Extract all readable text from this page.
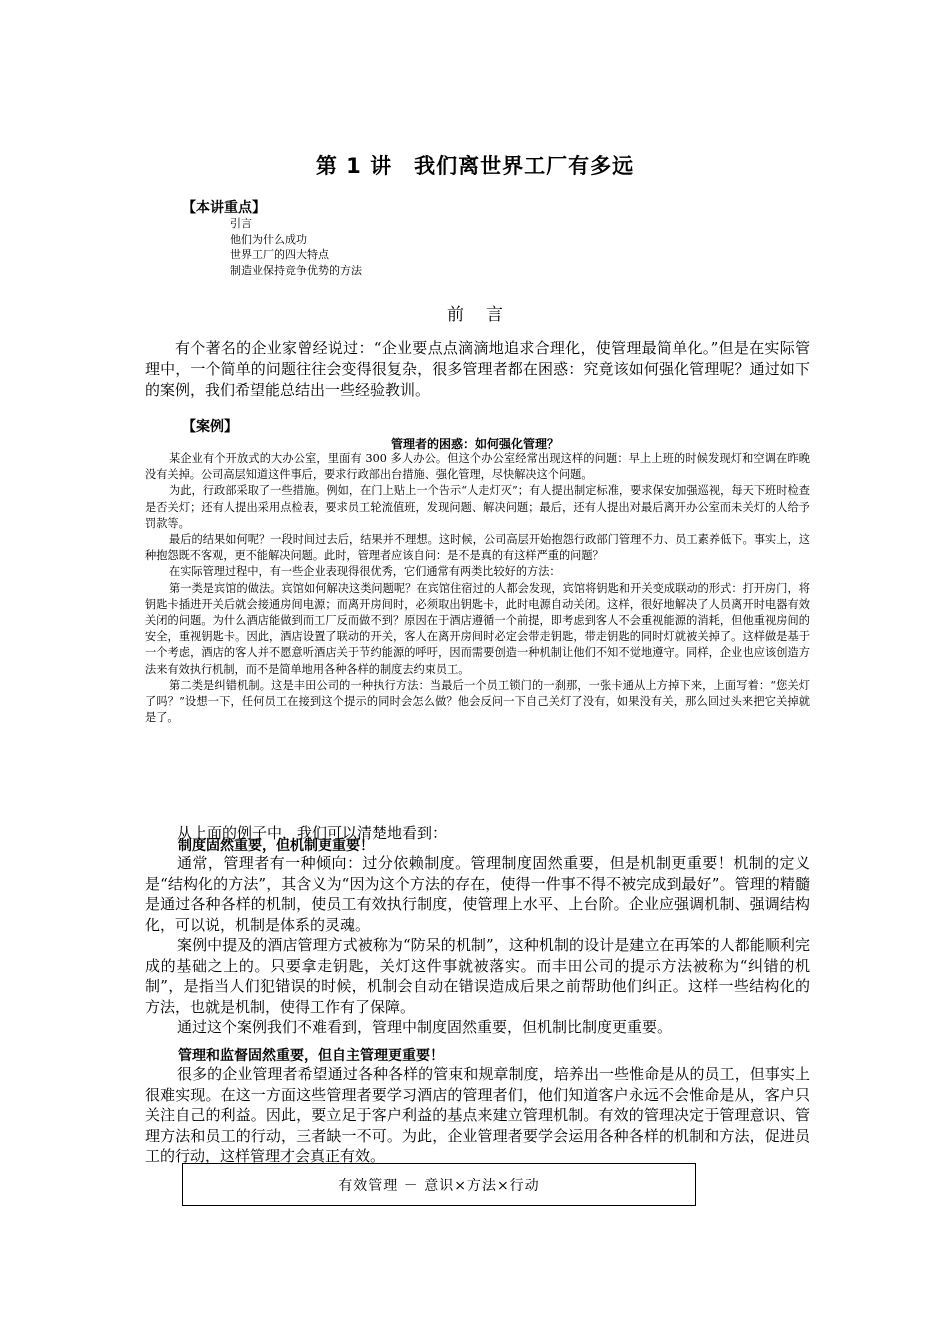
第 1 讲　我们离世界工厂有多远
【本讲重点】
引言
他们为什么成功
世界工厂的四大特点
制造业保持竞争优势的方法
前言

有个著名的企业家曾经说过：“企业要点点滴滴地追求合理化，使管理最简单化。”但是在实际管理中，一个简单的问题往往会变得很复杂，很多管理者都在困惑：究竟该如何强化管理呢？通过如下的案例，我们希望能总结出一些经验教训。

【案例】
管理者的困惑：如何强化管理？

某企业有个开放式的大办公室，里面有 300 多人办公。但这个办公室经常出现这样的问题：早上上班的时候发现灯和空调在昨晚没有关掉。公司高层知道这件事后，要求行政部出台措施、强化管理，尽快解决这个问题。

为此，行政部采取了一些措施。例如，在门上贴上一个告示“人走灯灭”；有人提出制定标准，要求保安加强巡视，每天下班时检查是否关灯；还有人提出采用点检表，要求员工轮流值班，发现问题、解决问题；最后，还有人提出对最后离开办公室而未关灯的人给予罚款等。

最后的结果如何呢？一段时间过去后，结果并不理想。这时候，公司高层开始抱怨行政部门管理不力、员工素养低下。事实上，这种抱怨既不客观，更不能解决问题。此时，管理者应该自问：是不是真的有这样严重的问题？

在实际管理过程中，有一些企业表现得很优秀，它们通常有两类比较好的方法：

第一类是宾馆的做法。宾馆如何解决这类问题呢？在宾馆住宿过的人都会发现，宾馆将钥匙和开关变成联动的形式：打开房门，将钥匙卡插进开关后就会接通房间电源；而离开房间时，必须取出钥匙卡，此时电源自动关闭。这样，很好地解决了人员离开时电器有效关闭的问题。为什么酒店能做到而工厂反而做不到？原因在于酒店遵循一个前提，即考虑到客人不会重视能源的消耗，但他重视房间的安全，重视钥匙卡。因此，酒店设置了联动的开关，客人在离开房间时必定会带走钥匙，带走钥匙的同时灯就被关掉了。这样做是基于一个考虑，酒店的客人并不愿意听酒店关于节约能源的呼吁，因而需要创造一种机制让他们不知不觉地遵守。同样，企业也应该创造方法来有效执行机制，而不是简单地用各种各样的制度去约束员工。

第二类是纠错机制。这是丰田公司的一种执行方法：当最后一个员工锁门的一刹那，一张卡通从上方掉下来，上面写着：“您关灯了吗？”设想一下，任何员工在接到这个提示的同时会怎么做？他会反问一下自己关灯了没有，如果没有关，那么回过头来把它关掉就是了。

从上面的例子中，我们可以清楚地看到：

制度固然重要，但机制更重要！

通常，管理者有一种倾向：过分依赖制度。管理制度固然重要，但是机制更重要！机制的定义是“结构化的方法”，其含义为“因为这个方法的存在，使得一件事不得不被完成到最好”。管理的精髓是通过各种各样的机制，使员工有效执行制度，使管理上水平、上台阶。企业应强调机制、强调结构化，可以说，机制是体系的灵魂。

案例中提及的酒店管理方式被称为“防呆的机制”，这种机制的设计是建立在再笨的人都能顺利完成的基础之上的。只要拿走钥匙，关灯这件事就被落实。而丰田公司的提示方法被称为“纠错的机制”，是指当人们犯错误的时候，机制会自动在错误造成后果之前帮助他们纠正。这样一些结构化的方法，也就是机制，使得工作有了保障。

通过这个案例我们不难看到，管理中制度固然重要，但机制比制度更重要。

管理和监督固然重要，但自主管理更重要！

很多的企业管理者希望通过各种各样的管束和规章制度，培养出一些惟命是从的员工，但事实上很难实现。在这一方面这些管理者要学习酒店的管理者们，他们知道客户永远不会惟命是从，客户只关注自己的利益。因此，要立足于客户利益的基点来建立管理机制。有效的管理决定于管理意识、管理方法和员工的行动，三者缺一不可。为此，企业管理者要学会运用各种各样的机制和方法，促进员工的行动，这样管理才会真正有效。

有效管理 － 意识×方法×行动
